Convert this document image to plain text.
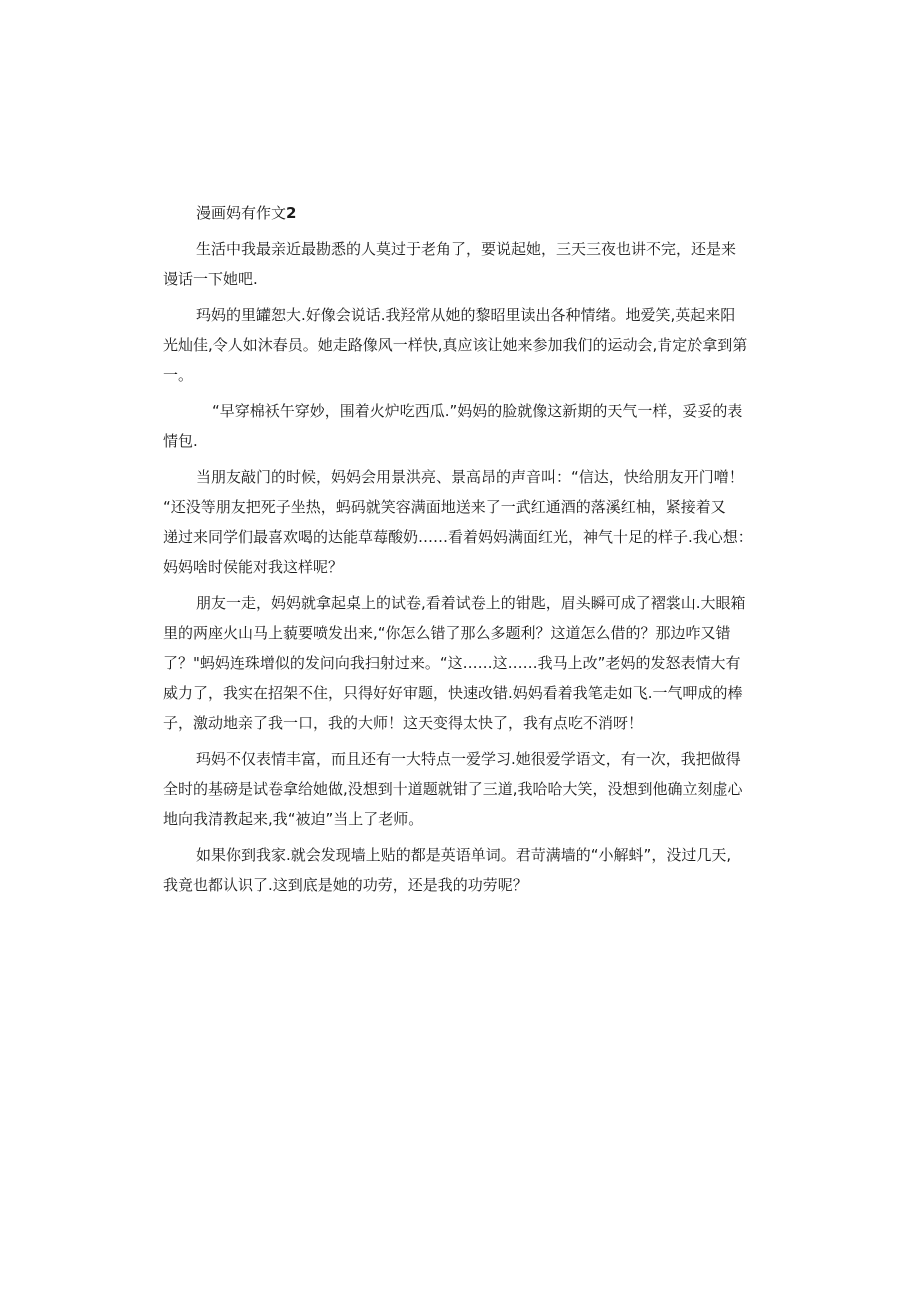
漫画妈有作文2

生活中我最亲近最勘悉的人莫过于老角了，要说起她，三天三夜也讲不完，还是来
谩话一下她吧.

玛妈的里罐恕大.好像会说话.我羟常从她的黎昭里读出各种情绪。地爱笑,英起来阳
光灿佳,令人如沐春员。她走路像风一样快,真应该让她来参加我们的运动会,肯定於拿到第
一。

“早穿棉袄午穿妙，围着火炉吃西瓜.”妈妈的脸就像这新期的天气一样，妥妥的表
情包.

当朋友敲门的时候，妈妈会用景洪亮、景高昂的声音叫：“信达，快给朋友开门噌！
“还没等朋友把死子坐热，蚂码就笑容满面地送来了一武红通酒的落溪红柚，紧接着又
递过来同学们最喜欢喝的达能草莓酸奶……看着妈妈满面红光，神气十足的样子.我心想：
妈妈啥时侯能对我这样呢？

朋友一走，妈妈就拿起桌上的试卷,看着试卷上的钳匙，眉头瞬可成了褶裳山.大眼箱
里的两座火山马上藐要喷发出来,“你怎么错了那么多题利？这道怎么借的？那边咋又错
了？"蚂妈连珠增似的发问向我扫射过来。“这……这……我马上改”老妈的发怒表情大有
威力了，我实在招架不住，只得好好审题，快速改错.妈妈看着我笔走如飞.一气呷成的棒
子，激动地亲了我一口，我的大师！这天变得太快了，我有点吃不消呀！

玛妈不仅表情丰富，而且还有一大特点一爱学习.她很爱学语文，有一次，我把做得
全时的基磅是试卷拿给她做,没想到十道题就钳了三道,我哈哈大笑，没想到他确立刻虚心
地向我清教起来,我“被迫”当上了老师。

如果你到我家.就会发现墙上贴的都是英语单词。君苛满墙的“小解蚪”，没过几天,
我竟也都认识了.这到底是她的功劳，还是我的功劳呢？
